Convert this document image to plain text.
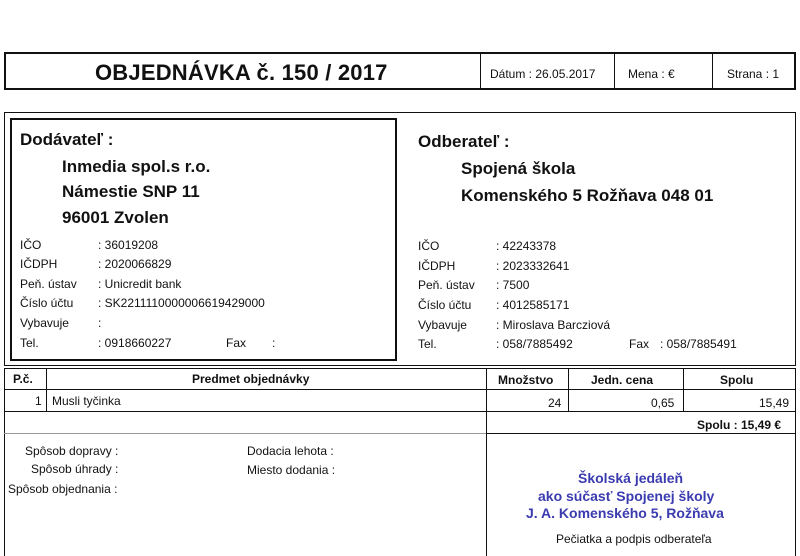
OBJEDNÁVKA č. 150 / 2017	Dátum : 26.05.2017	Mena : €	Strana : 1
Dodávateľ :
Inmedia spol.s r.o.
Námestie SNP 11
96001 Zvolen
IČO	: 36019208
IČDPH	: 2020066829
Peň. ústav : Unicredit bank
Číslo účtu : SK2211110000006619429000
Vybavuje :
Tel.	: 0918660227	Fax :
Odberateľ :
Spojená škola
Komenského 5 Rožňava 048 01
IČO	: 42243378
IČDPH	: 2023332641
Peň. ústav : 7500
Číslo účtu : 4012585171
Vybavuje : Miroslava Barcziová
Tel.	: 058/7885492	Fax : 058/7885491
P.č.	Predmet objednávky	Množstvo	Jedn. cena	Spolu
1 Musli tyčinka	24	0,65	15,49
Spolu : 15,49 €
Spôsob dopravy :
Spôsob úhrady :
Spôsob objednania :
Dodacia lehota :
Miesto dodania :	Školská jedáleň
ako súčasť Spojenej školy
J. A. Komenského 5, Rožňava
Pečiatka a podpis odberateľa
